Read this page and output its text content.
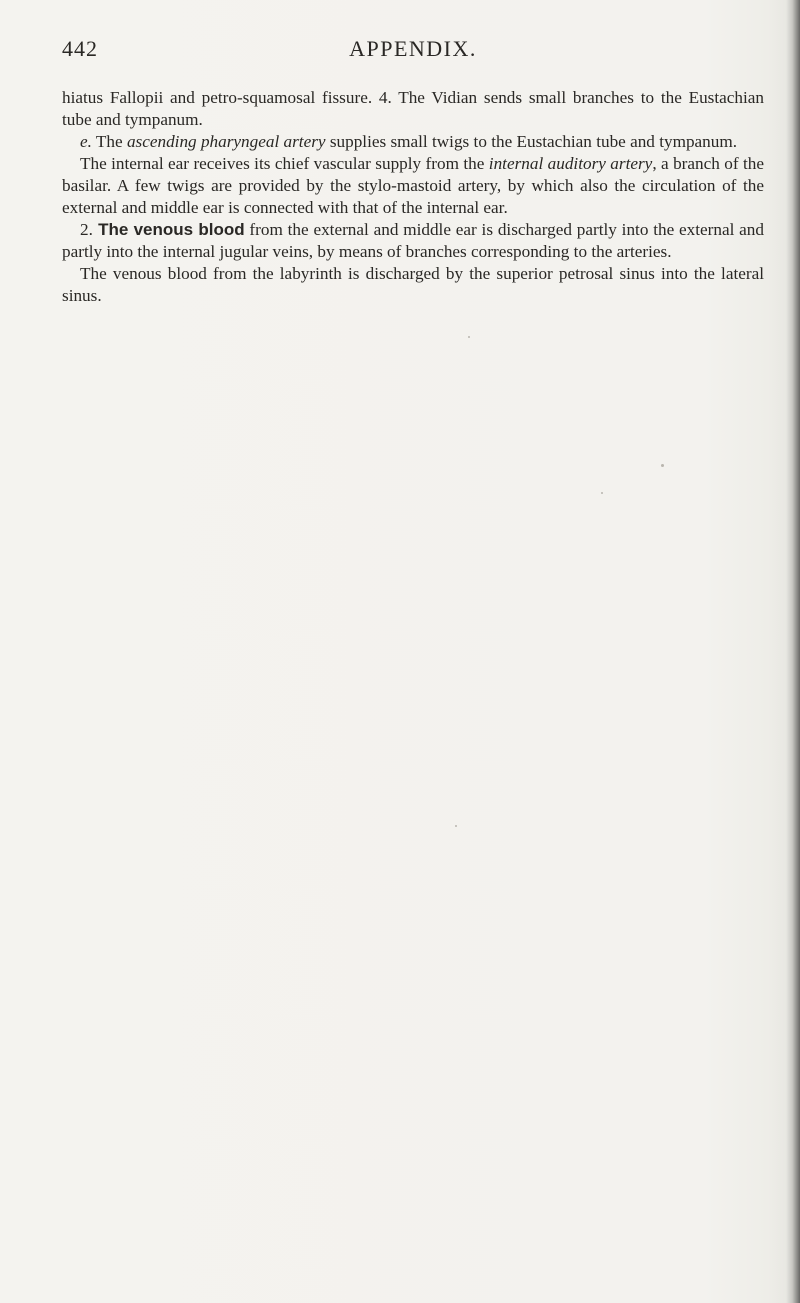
442	APPENDIX.

hiatus Fallopii and petro-squamosal fissure. 4. The Vidian sends small branches to the Eustachian tube and tympanum.

e. The ascending pharyngeal artery supplies small twigs to the Eustachian tube and tympanum.

The internal ear receives its chief vascular supply from the internal auditory artery, a branch of the basilar. A few twigs are provided by the stylo-mastoid artery, by which also the circulation of the external and middle ear is connected with that of the internal ear.

2. The venous blood from the external and middle ear is discharged partly into the external and partly into the internal jugular veins, by means of branches corresponding to the arteries.

The venous blood from the labyrinth is discharged by the superior petrosal sinus into the lateral sinus.
